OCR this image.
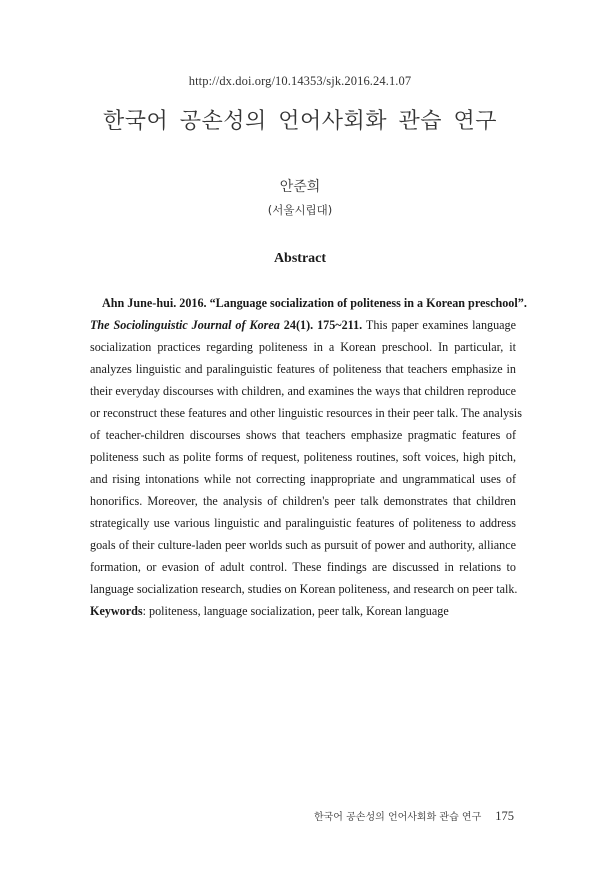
http://dx.doi.org/10.14353/sjk.2016.24.1.07
한국어 공손성의 언어사회화 관습 연구
안준희
(서울시립대)
Abstract
Ahn June-hui. 2016. “Language socialization of politeness in a Korean preschool”.
The Sociolinguistic Journal of Korea 24(1). 175~211. This paper examines language
socialization practices regarding politeness in a Korean preschool. In particular, it
analyzes linguistic and paralinguistic features of politeness that teachers emphasize in
their everyday discourses with children, and examines the ways that children reproduce
or reconstruct these features and other linguistic resources in their peer talk. The analysis
of teacher-children discourses shows that teachers emphasize pragmatic features of
politeness such as polite forms of request, politeness routines, soft voices, high pitch,
and rising intonations while not correcting inappropriate and ungrammatical uses of
honorifics. Moreover, the analysis of children's peer talk demonstrates that children
strategically use various linguistic and paralinguistic features of politeness to address
goals of their culture-laden peer worlds such as pursuit of power and authority, alliance
formation, or evasion of adult control. These findings are discussed in relations to
language socialization research, studies on Korean politeness, and research on peer talk.
Keywords: politeness, language socialization, peer talk, Korean language
한국어 공손성의 언어사회화 관습 연구 175
